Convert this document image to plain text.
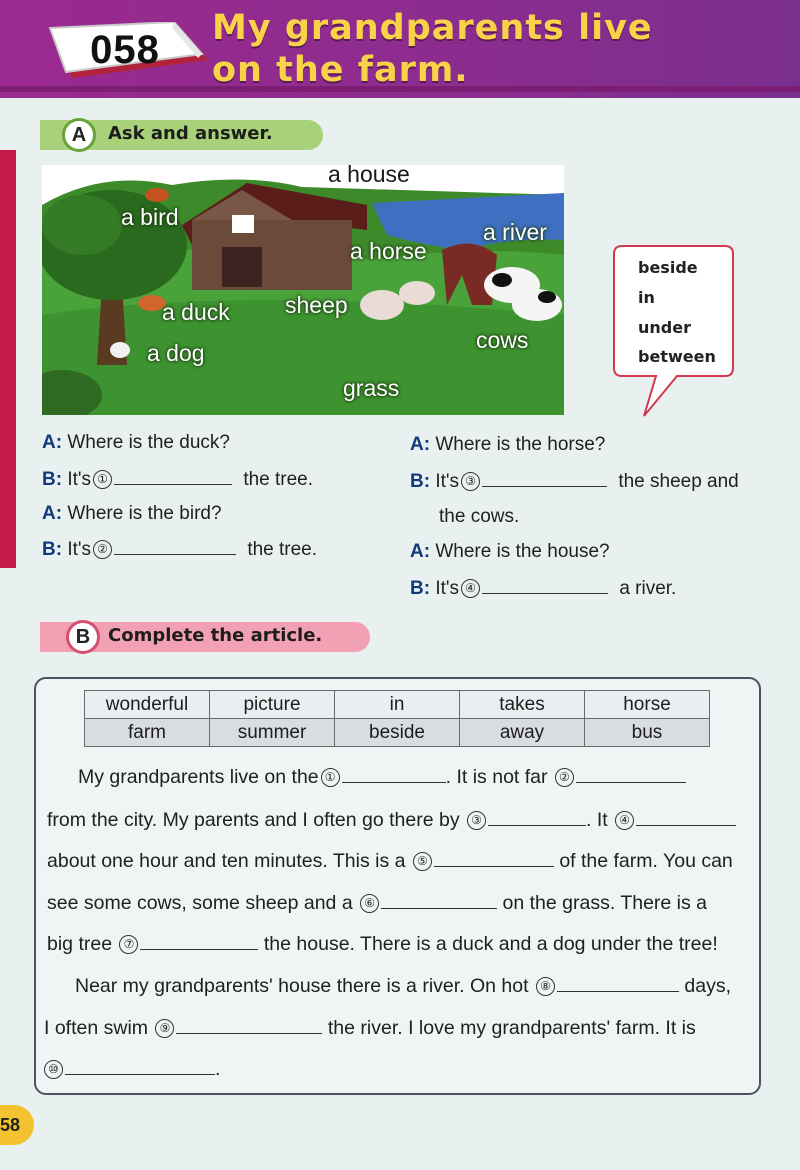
058 My grandparents live
on the farm.
A	Ask and answer.
a house
a bird
a river
a horse
a duck sheep
a dog	cows
grass
beside
in
under
between
A: Where is the duck?
B: It's ①	the tree.
A: Where is the bird?
B: It's ②	the tree.
A: Where is the horse?
B: It's ③	the sheep and
the cows.
A: Where is the house?
B: It's ④	a river.
B Complete the article.
wonderful	picture	in	takes	horse
farm	summer	beside	away	bus
My grandparents live on the ①	. It is not far ②
from the city. My parents and I often go there by ③	. It ④
about one hour and ten minutes. This is a ⑤	of the farm. You can
see some cows, some sheep and a ⑥	on the grass. There is a
big tree ⑦	the house. There is a duck and a dog under the tree!
Near my grandparents' house there is a river. On hot ⑧	days,
I often swim ⑨	the river. I love my grandparents' farm. It is
⑩	.
58
